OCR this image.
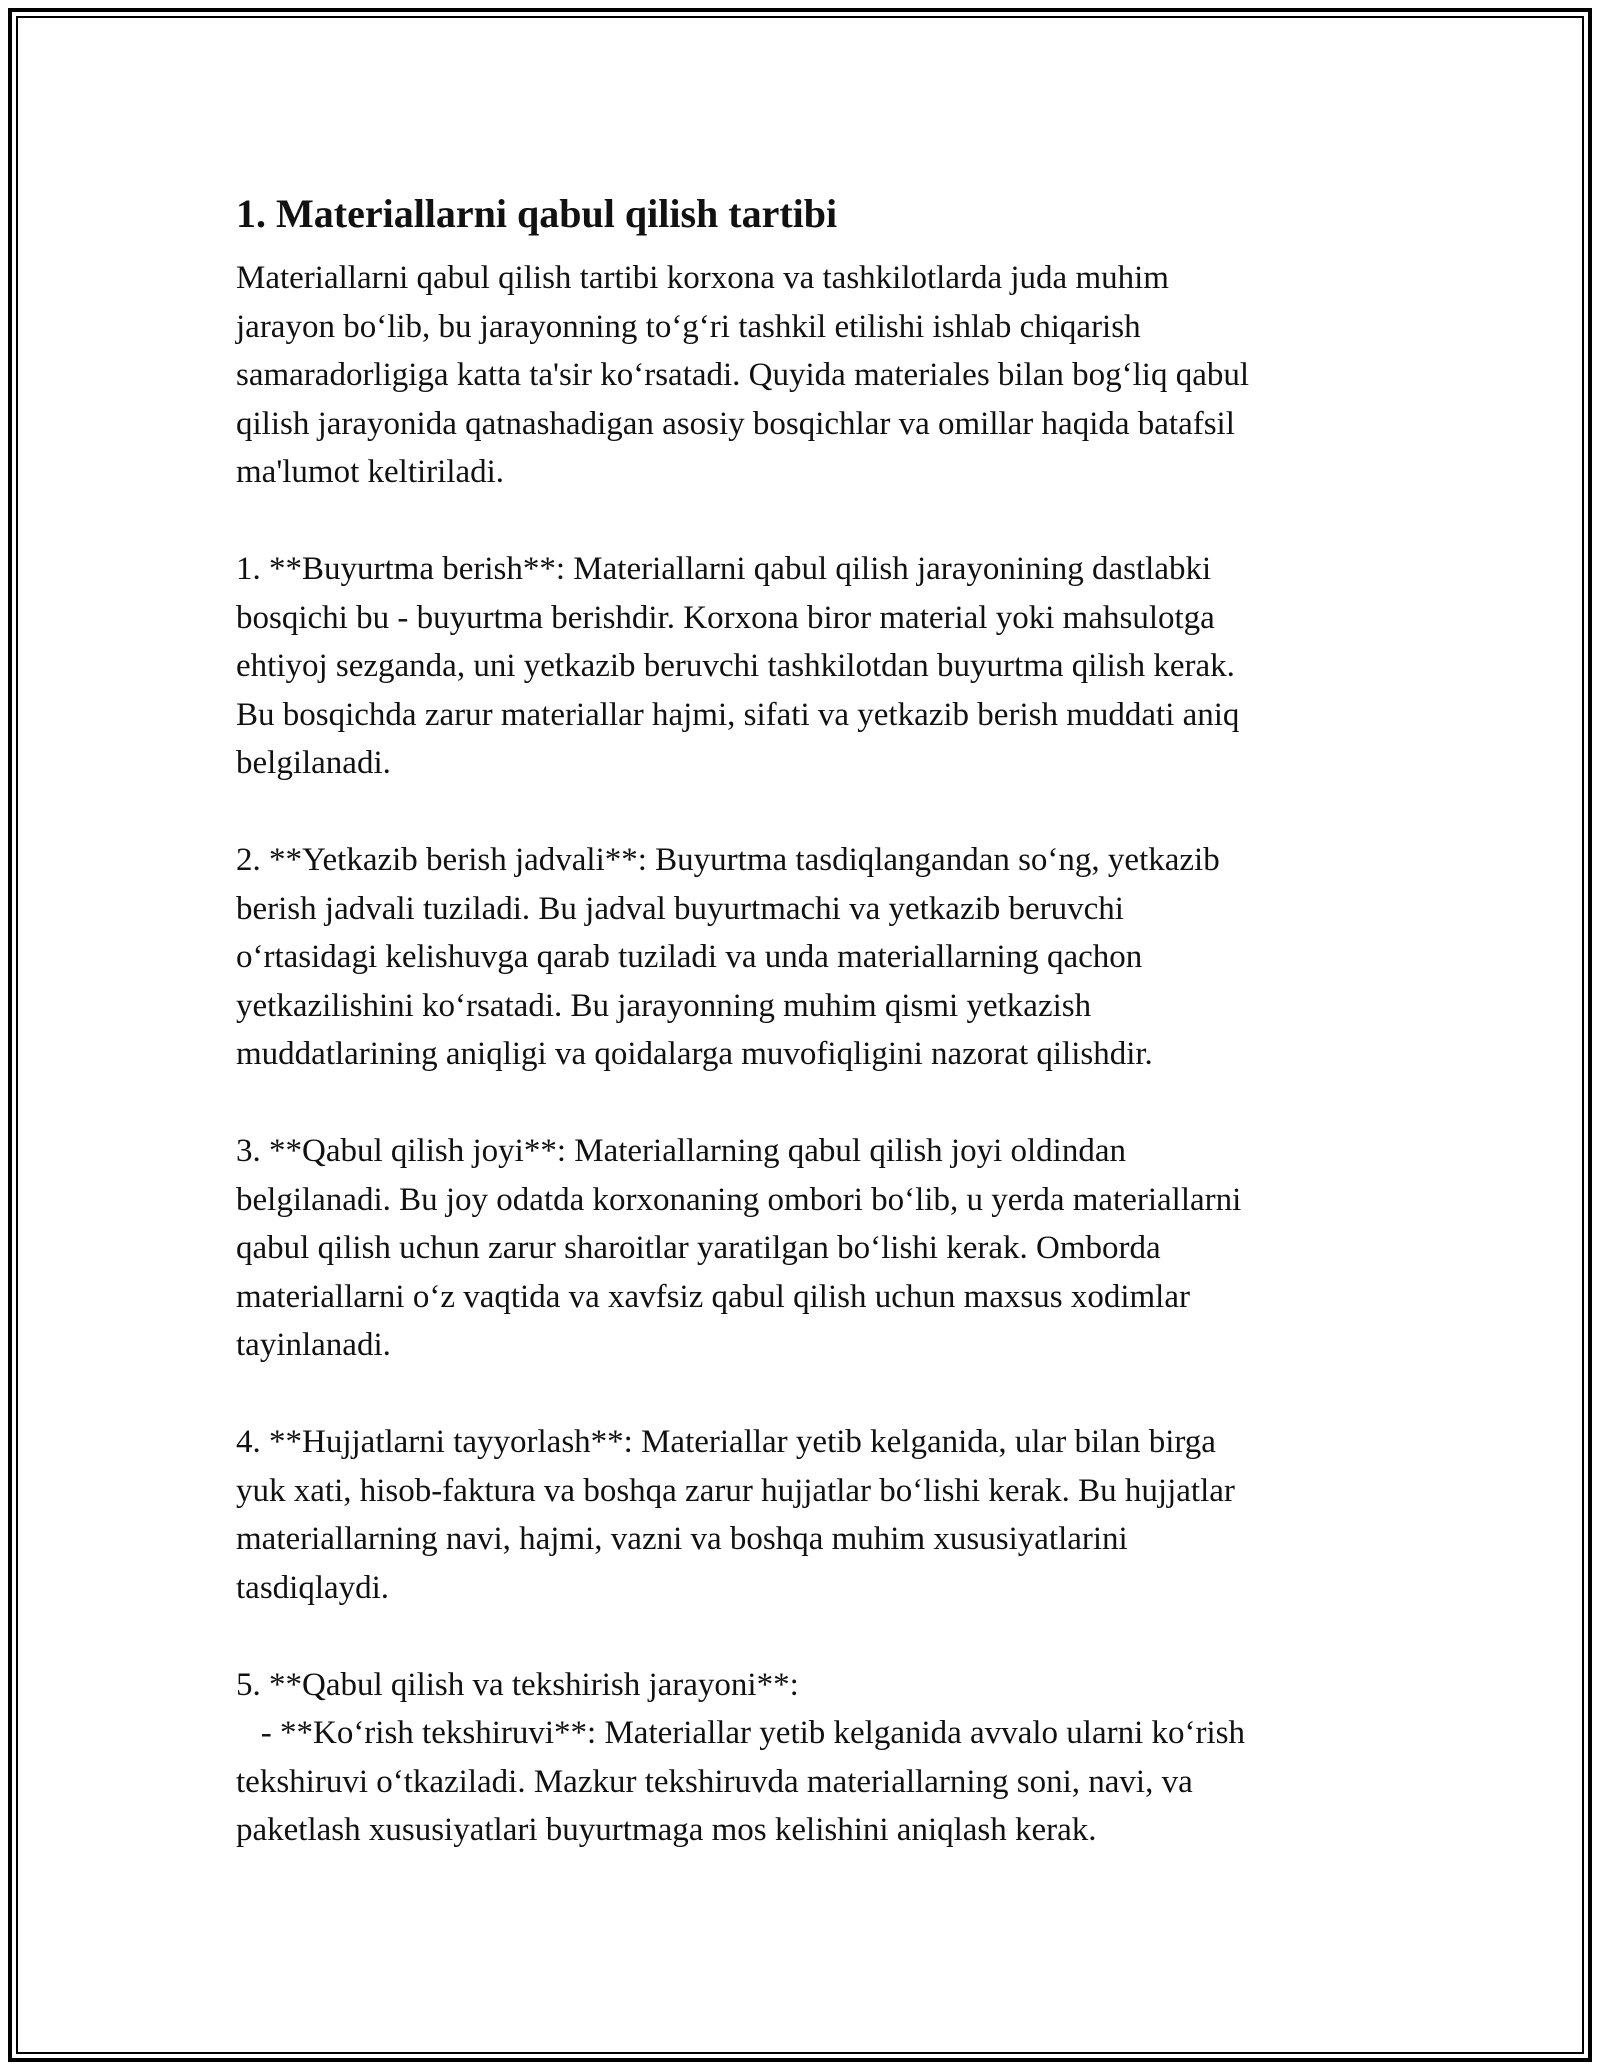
1. Materiallarni qabul qilish tartibi
Materiallarni qabul qilish tartibi korxona va tashkilotlarda juda muhim
jarayon bo‘lib, bu jarayonning to‘g‘ri tashkil etilishi ishlab chiqarish
samaradorligiga katta ta'sir ko‘rsatadi. Quyida materiales bilan bog‘liq qabul
qilish jarayonida qatnashadigan asosiy bosqichlar va omillar haqida batafsil
ma'lumot keltiriladi.
1. **Buyurtma berish**: Materiallarni qabul qilish jarayonining dastlabki
bosqichi bu - buyurtma berishdir. Korxona biror material yoki mahsulotga
ehtiyoj sezganda, uni yetkazib beruvchi tashkilotdan buyurtma qilish kerak.
Bu bosqichda zarur materiallar hajmi, sifati va yetkazib berish muddati aniq
belgilanadi.
2. **Yetkazib berish jadvali**: Buyurtma tasdiqlangandan so‘ng, yetkazib
berish jadvali tuziladi. Bu jadval buyurtmachi va yetkazib beruvchi
o‘rtasidagi kelishuvga qarab tuziladi va unda materiallarning qachon
yetkazilishini ko‘rsatadi. Bu jarayonning muhim qismi yetkazish
muddatlarining aniqligi va qoidalarga muvofiqligini nazorat qilishdir.
3. **Qabul qilish joyi**: Materiallarning qabul qilish joyi oldindan
belgilanadi. Bu joy odatda korxonaning ombori bo‘lib, u yerda materiallarni
qabul qilish uchun zarur sharoitlar yaratilgan bo‘lishi kerak. Omborda
materiallarni o‘z vaqtida va xavfsiz qabul qilish uchun maxsus xodimlar
tayinlanadi.
4. **Hujjatlarni tayyorlash**: Materiallar yetib kelganida, ular bilan birga
yuk xati, hisob-faktura va boshqa zarur hujjatlar bo‘lishi kerak. Bu hujjatlar
materiallarning navi, hajmi, vazni va boshqa muhim xususiyatlarini
tasdiqlaydi.
5. **Qabul qilish va tekshirish jarayoni**:
- **Ko‘rish tekshiruvi**: Materiallar yetib kelganida avvalo ularni ko‘rish
tekshiruvi o‘tkaziladi. Mazkur tekshiruvda materiallarning soni, navi, va
paketlash xususiyatlari buyurtmaga mos kelishini aniqlash kerak.
